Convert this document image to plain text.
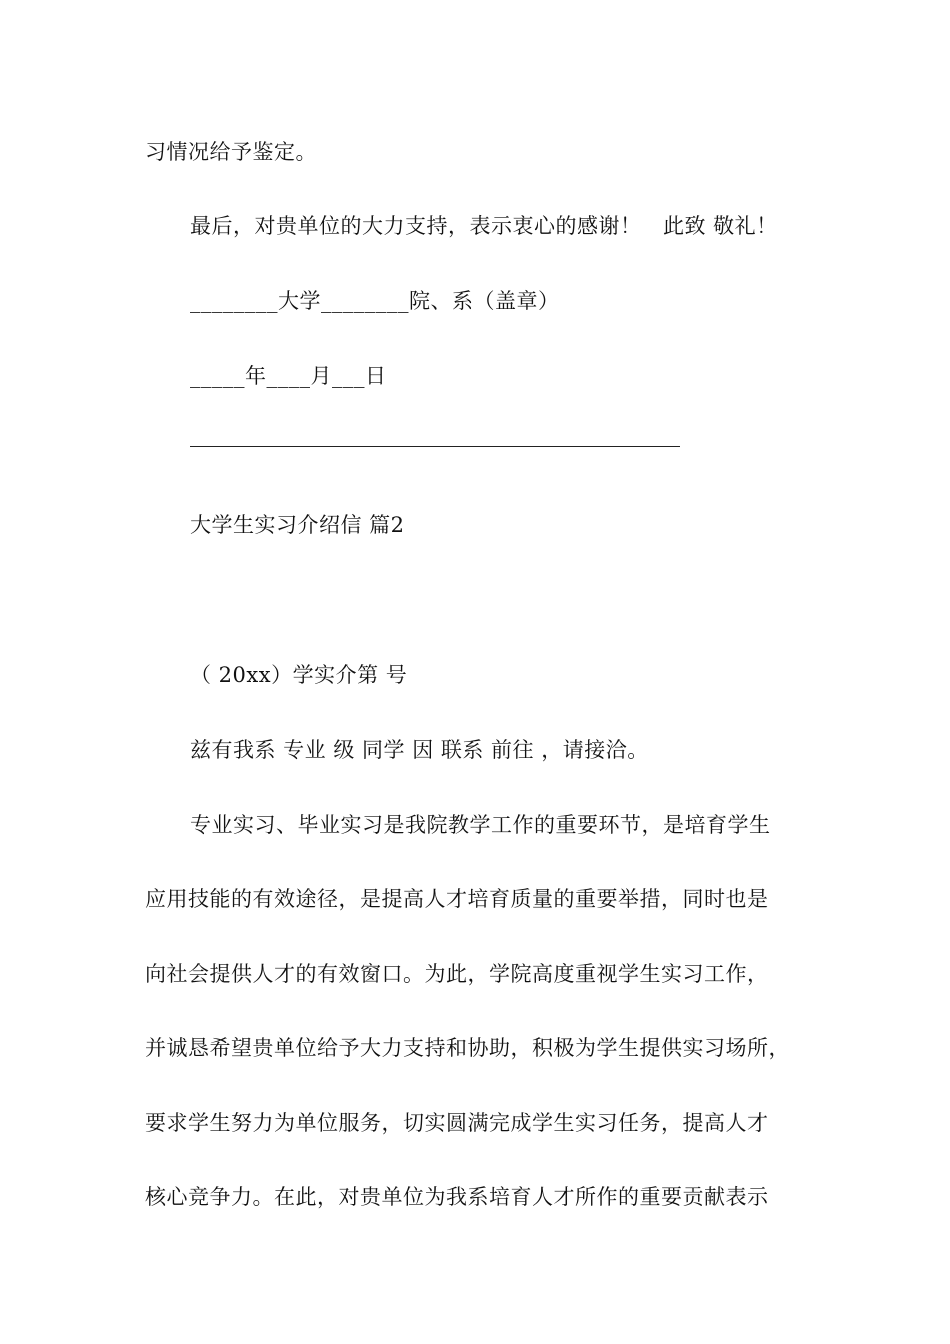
习情况给予鉴定。
最后，对贵单位的大力支持，表示衷心的感谢！　此致 敬礼！
________大学________院、系（盖章）
_____年____月___日
大学生实习介绍信 篇2
（ 20xx）学实介第 号
兹有我系 专业 级 同学 因 联系 前往 ，请接洽。
专业实习、毕业实习是我院教学工作的重要环节，是培育学生
应用技能的有效途径，是提高人才培育质量的重要举措，同时也是
向社会提供人才的有效窗口。为此，学院高度重视学生实习工作，
并诚恳希望贵单位给予大力支持和协助，积极为学生提供实习场所，
要求学生努力为单位服务，切实圆满完成学生实习任务，提高人才
核心竞争力。在此，对贵单位为我系培育人才所作的重要贡献表示
